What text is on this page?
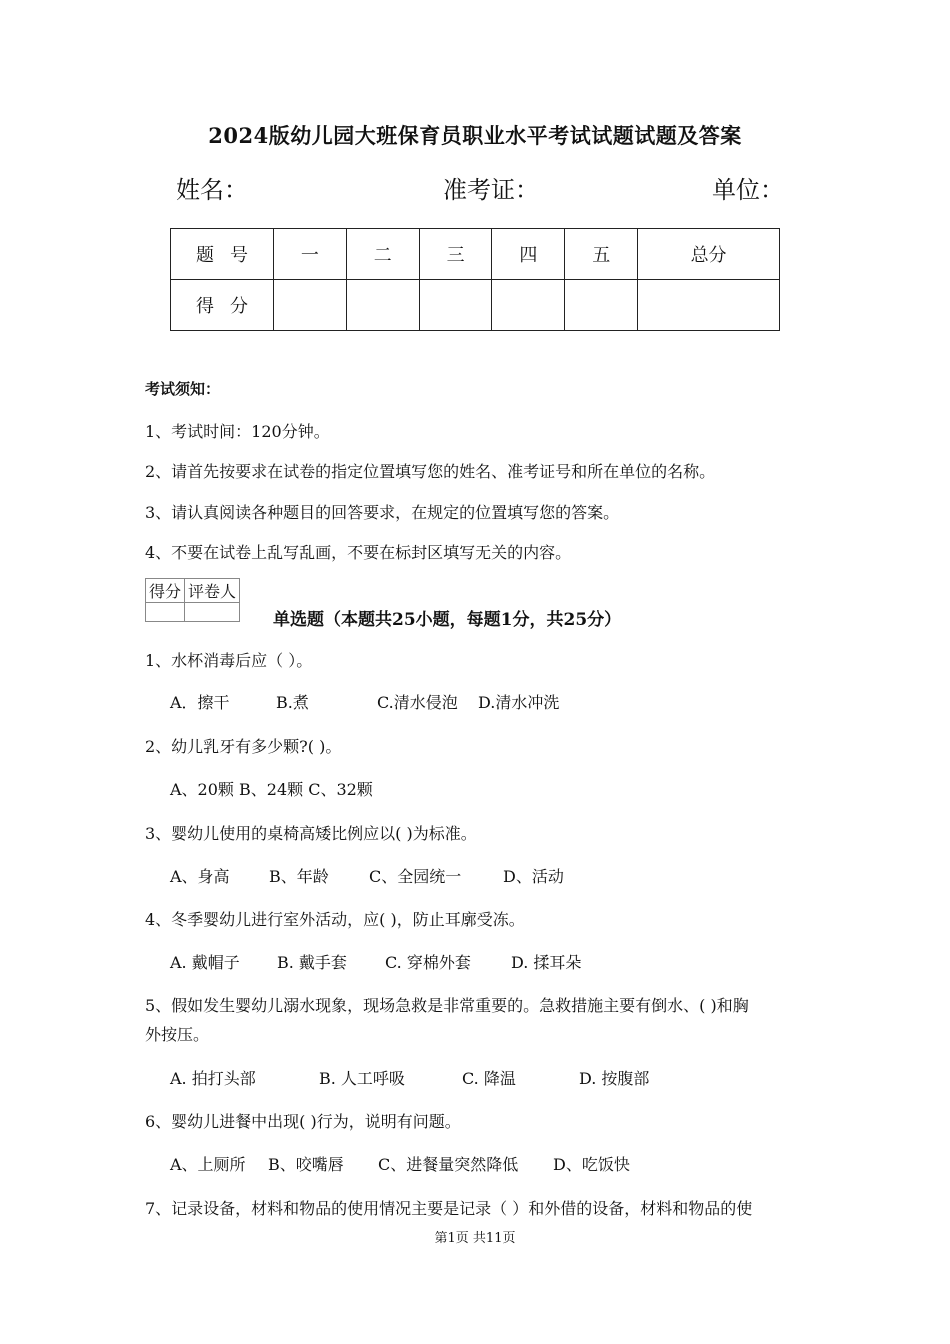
2024版幼儿园大班保育员职业水平考试试题试题及答案
姓名：	准考证：	单位：
题号	一	二	三	四	五	总分
得分						
考试须知：
1、考试时间：120分钟。
2、请首先按要求在试卷的指定位置填写您的姓名、准考证号和所在单位的名称。
3、请认真阅读各种题目的回答要求，在规定的位置填写您的答案。
4、不要在试卷上乱写乱画，不要在标封区填写无关的内容。
得分	评卷人

单选题（本题共25小题，每题1分，共25分）
1、水杯消毒后应（ ）。
A．擦干	B.煮	C.清水侵泡 D.清水冲洗
2、幼儿乳牙有多少颗?( )。
A、20颗 B、24颗 C、32颗
3、婴幼儿使用的桌椅高矮比例应以( )为标准。
A、身高 B、年龄	C、全园统一	D、活动
4、冬季婴幼儿进行室外活动，应( )，防止耳廓受冻。
A. 戴帽子 B. 戴手套 C. 穿棉外套	D. 揉耳朵
5、假如发生婴幼儿溺水现象，现场急救是非常重要的。急救措施主要有倒水、( )和胸
外按压。
A. 拍打头部	B. 人工呼吸	C. 降温	D. 按腹部
6、婴幼儿进餐中出现( )行为，说明有问题。
A、上厕所 B、咬嘴唇 C、进餐量突然降低 D、吃饭快
7、记录设备，材料和物品的使用情况主要是记录（ ）和外借的设备，材料和物品的使
第1页 共11页
